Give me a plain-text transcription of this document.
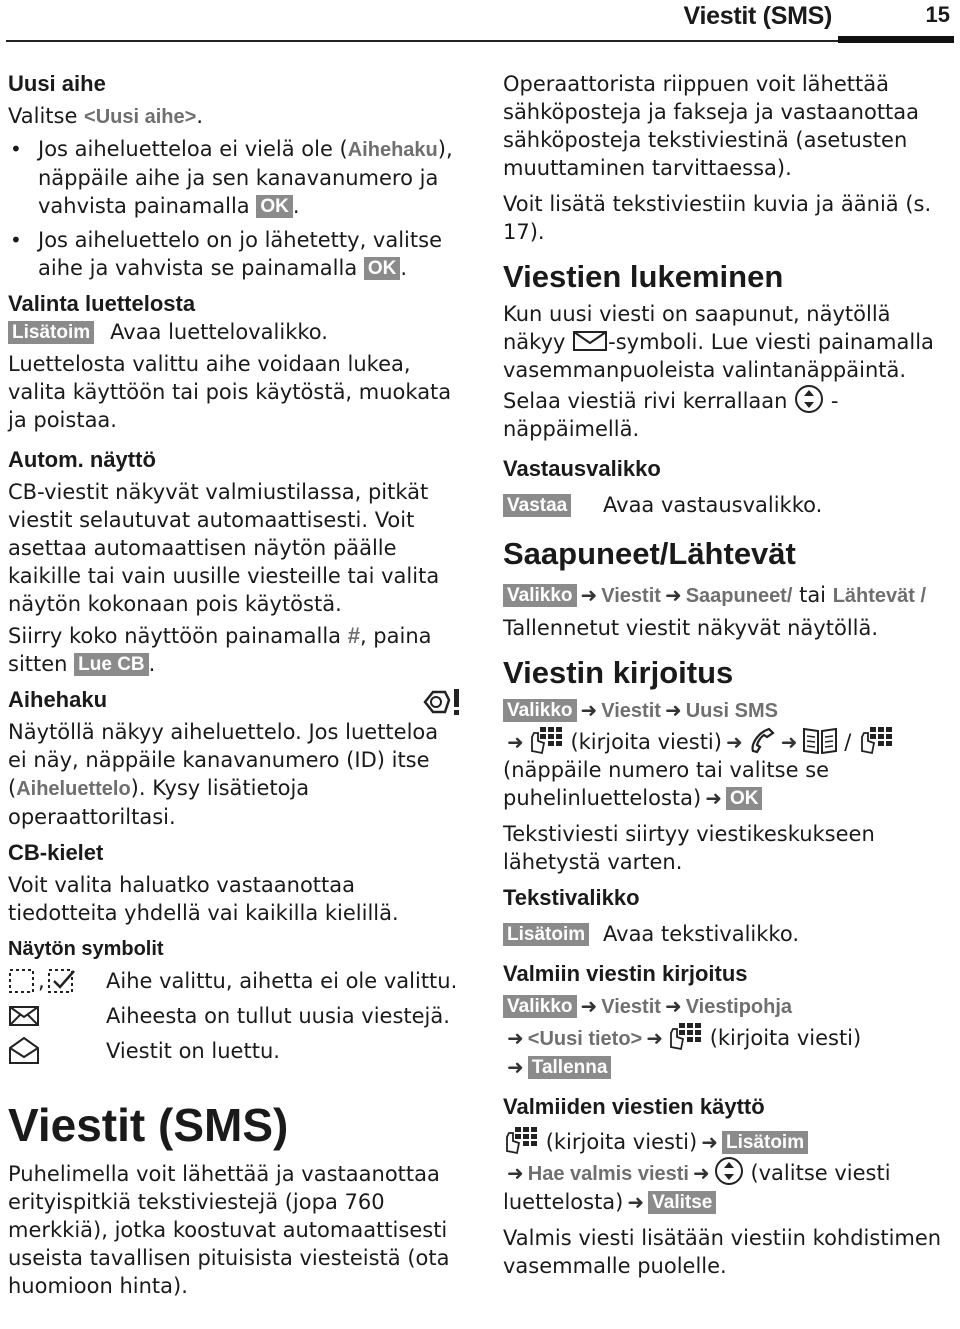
Viestit (SMS)	15
Uusi aihe

Valitse <Uusi aihe>.

• Jos aiheluetteloa ei vielä ole (Aihehaku), näppäile aihe ja sen kanavanumero ja vahvista painamalla OK .
• Jos aiheluettelo on jo lähetetty, valitse aihe ja vahvista se painamalla OK .
Valinta luettelosta

Lisätoim Avaa luettelovalikko.

Luettelosta valittu aihe voidaan lukea, valita käyttöön tai pois käytöstä, muokata ja poistaa.

Autom. näyttö

CB-viestit näkyvät valmiustilassa, pitkät viestit selautuvat automaattisesti. Voit asettaa automaattisen näytön päälle kaikille tai vain uusille viesteille tai valita näytön kokonaan pois käytöstä.

Siirry koko näyttöön painamalla #, paina sitten Lue CB .

Aihehaku

Näytöllä näkyy aiheluettelo. Jos luetteloa ei näy, näppäile kanavanumero (ID) itse (Aiheluettelo). Kysy lisätietoja operaattoriltasi.

CB-kielet

Voit valita haluatko vastaanottaa tiedotteita yhdellä vai kaikilla kielillä.

Näytön symbolit
,	Aihe valittu, aihetta ei ole valittu.
Aiheesta on tullut uusia viestejä.
Viestit on luettu.
Viestit (SMS)

Puhelimella voit lähettää ja vastaanottaa erityispitkiä tekstiviestejä (jopa 760 merkkiä), jotka koostuvat automaattisesti useista tavallisen pituisista viesteistä (ota huomioon hinta).

Operaattorista riippuen voit lähettää sähköposteja ja fakseja ja vastaanottaa sähköposteja tekstiviestinä (asetusten muuttaminen tarvittaessa).

Voit lisätä tekstiviestiin kuvia ja ääniä (s. 17).

Viestien lukeminen

Kun uusi viesti on saapunut, näytöllä näkyy
-symboli. Lue viesti painamalla vasemmanpuoleista valintanäppäintä.

Selaa viestiä rivi kerrallaan
-näppäimellä.

Vastausvalikko

Vastaa	Avaa vastausvalikko.

Saapuneet/Lähtevät

Valikko ➜ Viestit ➜ Saapuneet/ tai Lähtevät /

Tallennetut viestit näkyvät näytöllä.

Viestin kirjoitus

Valikko ➜ Viestit ➜ Uusi SMS

➜ (kirjoita viesti) ➜ ➜ /

(näppäile numero tai valitse se puhelinluettelosta) ➜ OK

Tekstiviesti siirtyy viestikeskukseen lähetystä varten.

Tekstivalikko

Lisätoim Avaa tekstivalikko.

Valmiin viestin kirjoitus

Valikko ➜ Viestit ➜ Viestipohja

➜ <Uusi tieto> ➜ (kirjoita viesti)

➜ Tallenna

Valmiiden viestien käyttö

(kirjoita viesti) ➜ Lisätoim

➜ Hae valmis viesti ➜ (valitse viesti luettelosta) ➜ Valitse

Valmis viesti lisätään viestiin kohdistimen vasemmalle puolelle.
